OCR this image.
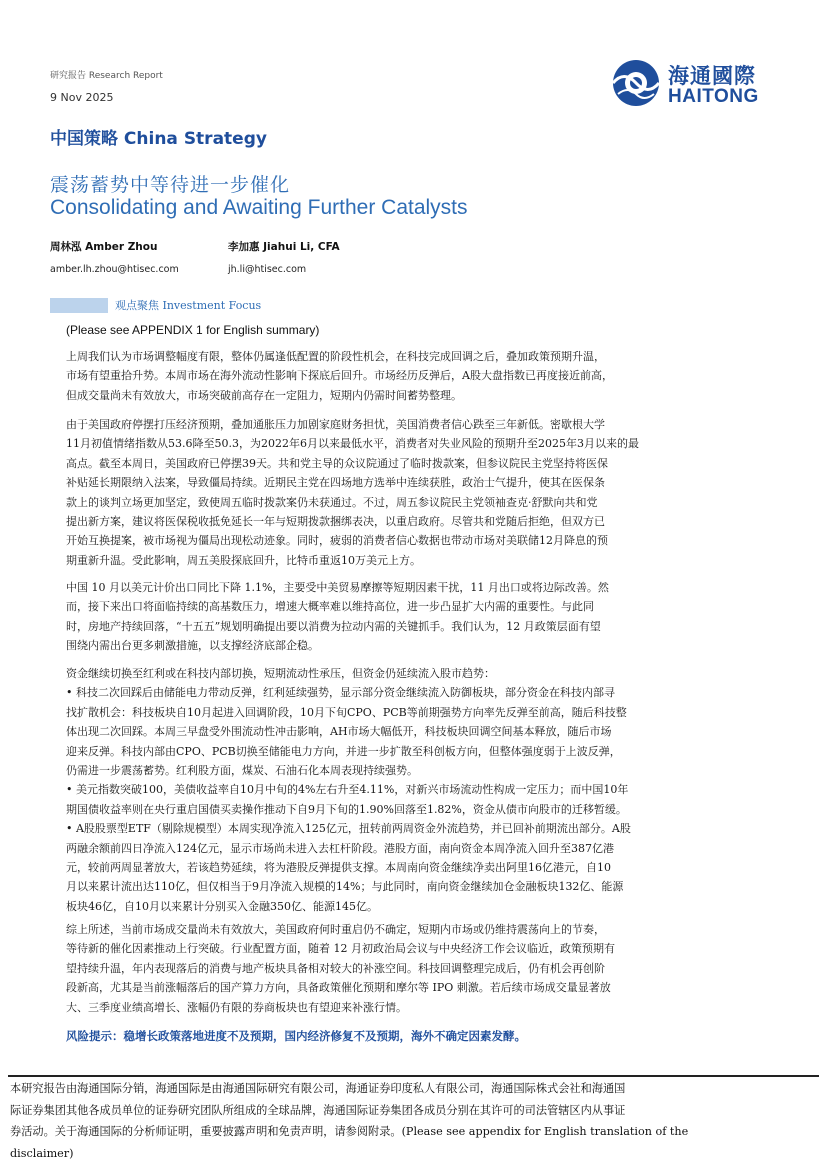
研究报告 Research Report
9 Nov 2025
中国策略 China Strategy
海通國際
HAITONG
震荡蓄势中等待进一步催化
Consolidating and Awaiting Further Catalysts
周林泓 Amber Zhou
amber.lh.zhou@htisec.com
李加惠 Jiahui Li, CFA
jh.li@htisec.com
观点聚焦 Investment Focus
(Please see APPENDIX 1 for English summary)
上周我们认为市场调整幅度有限，整体仍属逢低配置的阶段性机会，在科技完成回调之后，叠加政策预期升温，
市场有望重拾升势。本周市场在海外流动性影响下探底后回升。市场经历反弹后，A股大盘指数已再度接近前高，
但成交量尚未有效放大，市场突破前高存在一定阻力，短期内仍需时间蓄势整理。
由于美国政府停摆打压经济预期，叠加通胀压力加剧家庭财务担忧，美国消费者信心跌至三年新低。密歇根大学
11月初值情绪指数从53.6降至50.3，为2022年6月以来最低水平，消费者对失业风险的预期升至2025年3月以来的最
高点。截至本周日，美国政府已停摆39天。共和党主导的众议院通过了临时拨款案，但参议院民主党坚持将医保
补贴延长期限纳入法案，导致僵局持续。近期民主党在四场地方选举中连续获胜，政治士气提升，使其在医保条
款上的谈判立场更加坚定，致使周五临时拨款案仍未获通过。不过，周五参议院民主党领袖查克·舒默向共和党
提出新方案，建议将医保税收抵免延长一年与短期拨款捆绑表决，以重启政府。尽管共和党随后拒绝，但双方已
开始互换提案，被市场视为僵局出现松动迹象。同时，疲弱的消费者信心数据也带动市场对美联储12月降息的预
期重新升温。受此影响，周五美股探底回升，比特币重返10万美元上方。
中国 10 月以美元计价出口同比下降 1.1%，主要受中美贸易摩擦等短期因素干扰，11 月出口或将边际改善。然
而，接下来出口将面临持续的高基数压力，增速大概率难以维持高位，进一步凸显扩大内需的重要性。与此同
时，房地产持续回落，“十五五”规划明确提出要以消费为拉动内需的关键抓手。我们认为，12 月政策层面有望
围绕内需出台更多刺激措施，以支撑经济底部企稳。
资金继续切换至红利或在科技内部切换，短期流动性承压，但资金仍延续流入股市趋势：
• 科技二次回踩后由储能电力带动反弹，红利延续强势，显示部分资金继续流入防御板块，部分资金在科技内部寻
找扩散机会：科技板块自10月起进入回调阶段，10月下旬CPO、PCB等前期强势方向率先反弹至前高，随后科技整
体出现二次回踩。本周三早盘受外围流动性冲击影响，AH市场大幅低开，科技板块回调空间基本释放，随后市场
迎来反弹。科技内部由CPO、PCB切换至储能电力方向，并进一步扩散至科创板方向，但整体强度弱于上波反弹，
仍需进一步震荡蓄势。红利股方面，煤炭、石油石化本周表现持续强势。
• 美元指数突破100，美债收益率自10月中旬的4%左右升至4.11%，对新兴市场流动性构成一定压力；而中国10年
期国债收益率则在央行重启国债买卖操作推动下自9月下旬的1.90%回落至1.82%，资金从债市向股市的迁移暂缓。
• A股股票型ETF（剔除规模型）本周实现净流入125亿元，扭转前两周资金外流趋势，并已回补前期流出部分。A股
两融余额前四日净流入124亿元，显示市场尚未进入去杠杆阶段。港股方面，南向资金本周净流入回升至387亿港
元，较前两周显著放大，若该趋势延续，将为港股反弹提供支撑。本周南向资金继续净卖出阿里16亿港元，自10
月以来累计流出达110亿，但仅相当于9月净流入规模的14%；与此同时，南向资金继续加仓金融板块132亿、能源
板块46亿，自10月以来累计分别买入金融350亿、能源145亿。
综上所述，当前市场成交量尚未有效放大，美国政府何时重启仍不确定，短期内市场或仍维持震荡向上的节奏，
等待新的催化因素推动上行突破。行业配置方面，随着 12 月初政治局会议与中央经济工作会议临近，政策预期有
望持续升温，年内表现落后的消费与地产板块具备相对较大的补涨空间。科技回调整理完成后，仍有机会再创阶
段新高，尤其是当前涨幅落后的国产算力方向，具备政策催化预期和摩尔等 IPO 刺激。若后续市场成交量显著放
大、三季度业绩高增长、涨幅仍有限的券商板块也有望迎来补涨行情。
风险提示：稳增长政策落地进度不及预期，国内经济修复不及预期，海外不确定因素发酵。
本研究报告由海通国际分销，海通国际是由海通国际研究有限公司，海通证券印度私人有限公司，海通国际株式会社和海通国
际证券集团其他各成员单位的证券研究团队所组成的全球品牌，海通国际证券集团各成员分别在其许可的司法管辖区内从事证
券活动。关于海通国际的分析师证明，重要披露声明和免责声明，请参阅附录。(Please see appendix for English translation of the
disclaimer)
